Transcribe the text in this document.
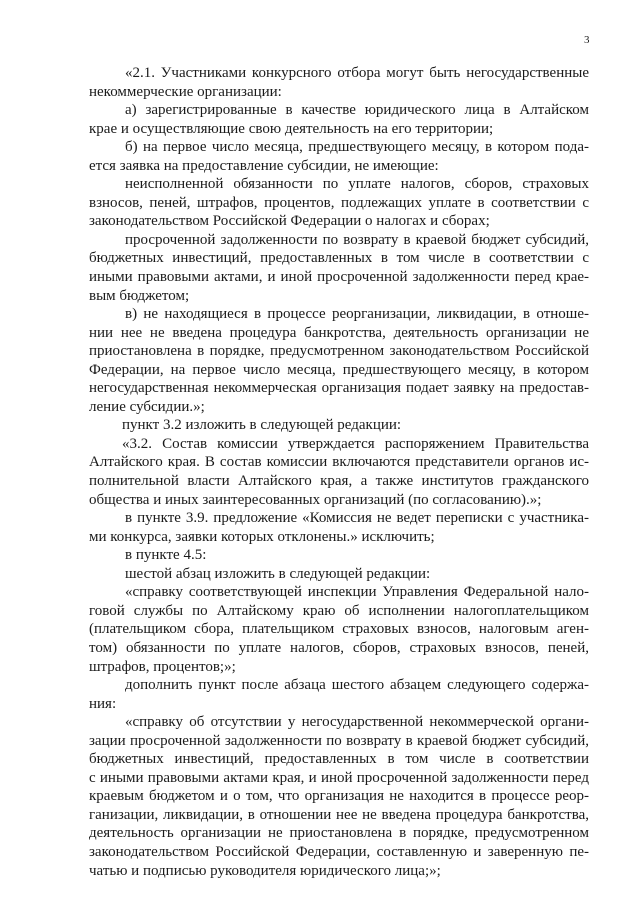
3
«2.1. Участниками конкурсного отбора могут быть негосударственные
некоммерческие организации:
а) зарегистрированные в качестве юридического лица в Алтайском
крае и осуществляющие свою деятельность на его территории;
б) на первое число месяца, предшествующего месяцу, в котором пода-
ется заявка на предоставление субсидии, не имеющие:
неисполненной обязанности по уплате налогов, сборов, страховых
взносов, пеней, штрафов, процентов, подлежащих уплате в соответствии с
законодательством Российской Федерации о налогах и сборах;
просроченной задолженности по возврату в краевой бюджет субсидий,
бюджетных инвестиций, предоставленных в том числе в соответствии с
иными правовыми актами, и иной просроченной задолженности перед крае-
вым бюджетом;
в) не находящиеся в процессе реорганизации, ликвидации, в отноше-
нии нее не введена процедура банкротства, деятельность организации не
приостановлена в порядке, предусмотренном законодательством Российской
Федерации, на первое число месяца, предшествующего месяцу, в котором
негосударственная некоммерческая организация подает заявку на предостав-
ление субсидии.»;
пункт 3.2 изложить в следующей редакции:
«3.2. Состав комиссии утверждается распоряжением Правительства
Алтайского края. В состав комиссии включаются представители органов ис-
полнительной власти Алтайского края, а также институтов гражданского
общества и иных заинтересованных организаций (по согласованию).»;
в пункте 3.9. предложение «Комиссия не ведет переписки с участника-
ми конкурса, заявки которых отклонены.» исключить;
в пункте 4.5:
шестой абзац изложить в следующей редакции:
«справку соответствующей инспекции Управления Федеральной нало-
говой службы по Алтайскому краю об исполнении налогоплательщиком
(плательщиком сбора, плательщиком страховых взносов, налоговым аген-
том) обязанности по уплате налогов, сборов, страховых взносов, пеней,
штрафов, процентов;»;
дополнить пункт после абзаца шестого абзацем следующего содержа-
ния:
«справку об отсутствии у негосударственной некоммерческой органи-
зации просроченной задолженности по возврату в краевой бюджет субсидий,
бюджетных инвестиций, предоставленных в том числе в соответствии
с иными правовыми актами края, и иной просроченной задолженности перед
краевым бюджетом и о том, что организация не находится в процессе реор-
ганизации, ликвидации, в отношении нее не введена процедура банкротства,
деятельность организации не приостановлена в порядке, предусмотренном
законодательством Российской Федерации, составленную и заверенную пе-
чатью и подписью руководителя юридического лица;»;
